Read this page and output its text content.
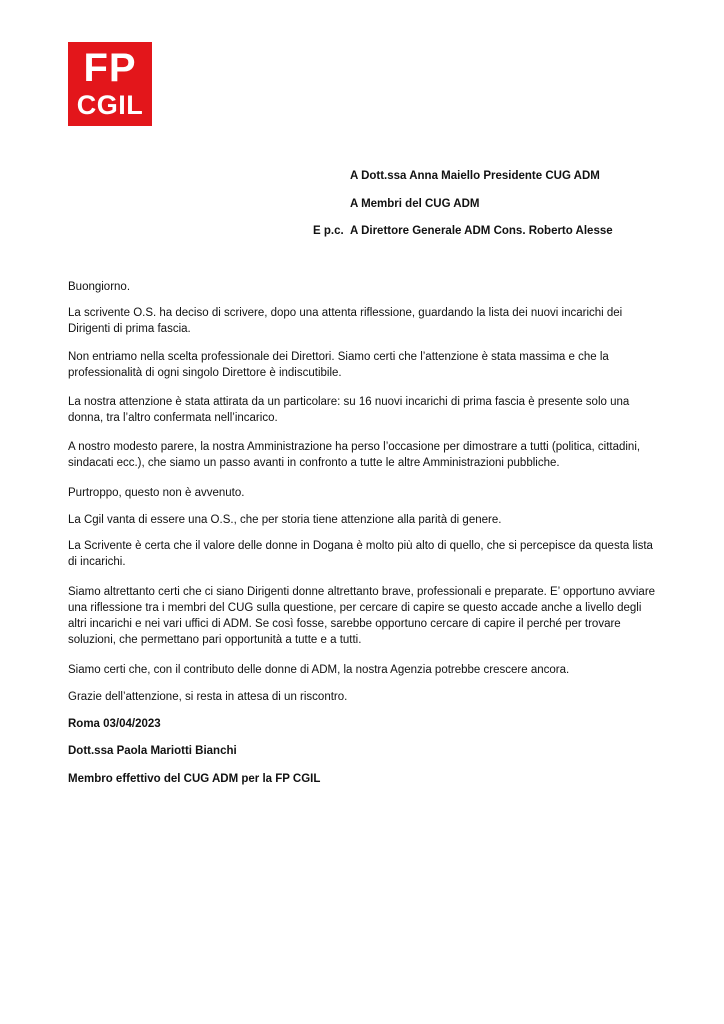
FP
CGIL
A Dott.ssa Anna Maiello Presidente CUG ADM
A Membri del CUG ADM
E p.c. A Direttore Generale ADM Cons. Roberto Alesse
Buongiorno.
La scrivente O.S. ha deciso di scrivere, dopo una attenta riflessione, guardando la lista dei nuovi incarichi dei Dirigenti di prima fascia.
Non entriamo nella scelta professionale dei Direttori. Siamo certi che l’attenzione è stata massima e che la professionalità di ogni singolo Direttore è indiscutibile.
La nostra attenzione è stata attirata da un particolare: su 16 nuovi incarichi di prima fascia è presente solo una donna, tra l’altro confermata nell’incarico.
A nostro modesto parere, la nostra Amministrazione ha perso l’occasione per dimostrare a tutti (politica, cittadini, sindacati ecc.), che siamo un passo avanti in confronto a tutte le altre Amministrazioni pubbliche.
Purtroppo, questo non è avvenuto.
La Cgil vanta di essere una O.S., che per storia tiene attenzione alla parità di genere.
La Scrivente è certa che il valore delle donne in Dogana è molto più alto di quello, che si percepisce da questa lista di incarichi.
Siamo altrettanto certi che ci siano Dirigenti donne altrettanto brave, professionali e preparate. E’ opportuno avviare una riflessione tra i membri del CUG sulla questione, per cercare di capire se questo accade anche a livello degli altri incarichi e nei vari uffici di ADM. Se così fosse, sarebbe opportuno cercare di capire il perché per trovare soluzioni, che permettano pari opportunità a tutte e a tutti.
Siamo certi che, con il contributo delle donne di ADM, la nostra Agenzia potrebbe crescere ancora.
Grazie dell’attenzione, si resta in attesa di un riscontro.
Roma 03/04/2023
Dott.ssa Paola Mariotti Bianchi
Membro effettivo del CUG ADM per la FP CGIL
